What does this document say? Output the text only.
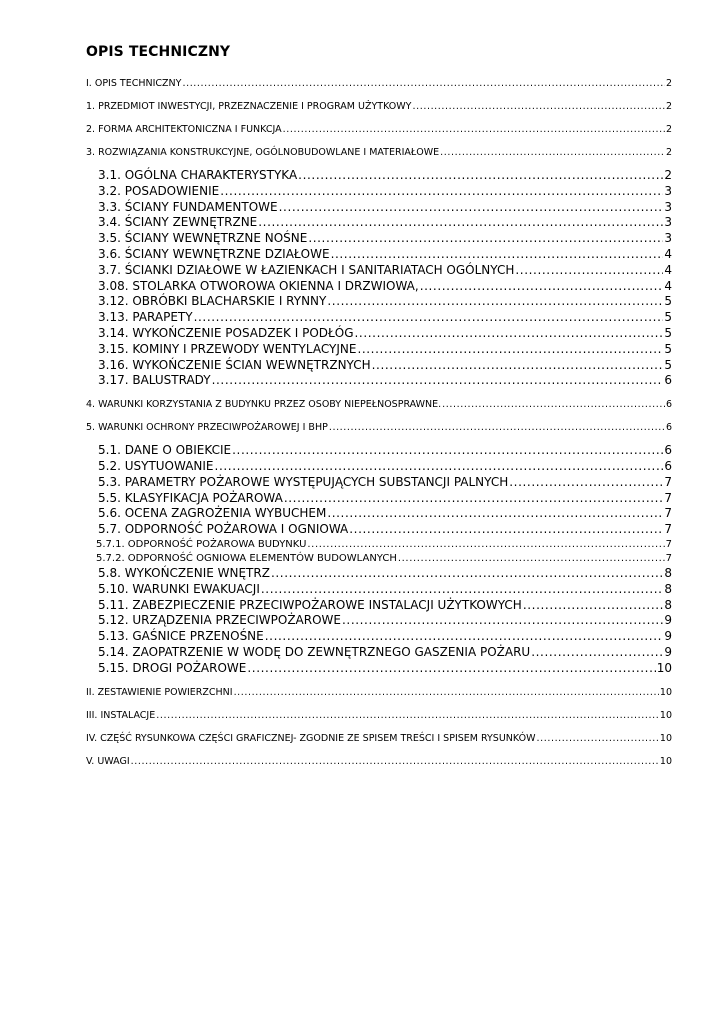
OPIS TECHNICZNY
I. OPIS TECHNICZNY .....	2
1. PRZEDMIOT INWESTYCJI, PRZEZNACZENIE I PROGRAM UŻYTKOWY .....	2
2. FORMA ARCHITEKTONICZNA I FUNKCJA .....	2
3. ROZWIĄZANIA KONSTRUKCYJNE, OGÓLNOBUDOWLANE I MATERIAŁOWE .....	2
3.1. OGÓLNA CHARAKTERYSTYKA .....	2
3.2. POSADOWIENIE .....	3
3.3. ŚCIANY FUNDAMENTOWE .....	3
3.4. ŚCIANY ZEWNĘTRZNE .....	3
3.5. ŚCIANY WEWNĘTRZNE NOŚNE .....	3
3.6. ŚCIANY WEWNĘTRZNE DZIAŁOWE .....	4
3.7. ŚCIANKI DZIAŁOWE W ŁAZIENKACH I SANITARIATACH OGÓLNYCH .....	4
3.08. STOLARKA OTWOROWA OKIENNA I DRZWIOWA, .....	4
3.12. OBRÓBKI BLACHARSKIE I RYNNY .....	5
3.13. PARAPETY .....	5
3.14. WYKOŃCZENIE POSADZEK I PODŁÓG .....	5
3.15. KOMINY I PRZEWODY WENTYLACYJNE .....	5
3.16. WYKOŃCZENIE ŚCIAN WEWNĘTRZNYCH .....	5
3.17. BALUSTRADY .....	6
4. WARUNKI KORZYSTANIA Z BUDYNKU PRZEZ OSOBY NIEPEŁNOSPRAWNE. .....	6
5. WARUNKI OCHRONY PRZECIWPOŻAROWEJ I BHP .....	6
5.1. DANE O OBIEKCIE .....	6
5.2. USYTUOWANIE .....	6
5.3. PARAMETRY POŻAROWE WYSTĘPUJĄCYCH SUBSTANCJI PALNYCH .....	7
5.5. KLASYFIKACJA POŻAROWA .....	7
5.6. OCENA ZAGROŻENIA WYBUCHEM .....	7
5.7. ODPORNOŚĆ POŻAROWA I OGNIOWA .....	7
5.7.1. ODPORNOŚĆ POŻAROWA BUDYNKU .....	7
5.7.2. ODPORNOŚĆ OGNIOWA ELEMENTÓW BUDOWLANYCH .....	7
5.8. WYKOŃCZENIE WNĘTRZ .....	8
5.10. WARUNKI EWAKUACJI .....	8
5.11. ZABEZPIECZENIE PRZECIWPOŻAROWE INSTALACJI UŻYTKOWYCH .....	8
5.12. URZĄDZENIA PRZECIWPOŻAROWE .....	9
5.13. GAŚNICE PRZENOŚNE .....	9
5.14. ZAOPATRZENIE W WODĘ DO ZEWNĘTRZNEGO GASZENIA POŻARU .....	9
5.15. DROGI POŻAROWE .....	10
II. ZESTAWIENIE POWIERZCHNI .....	10
III. INSTALACJE .....	10
IV. CZĘŚĆ RYSUNKOWA CZĘŚCI GRAFICZNEJ- ZGODNIE ZE SPISEM TREŚCI I SPISEM RYSUNKÓW .....	10
V. UWAGI .....	10
